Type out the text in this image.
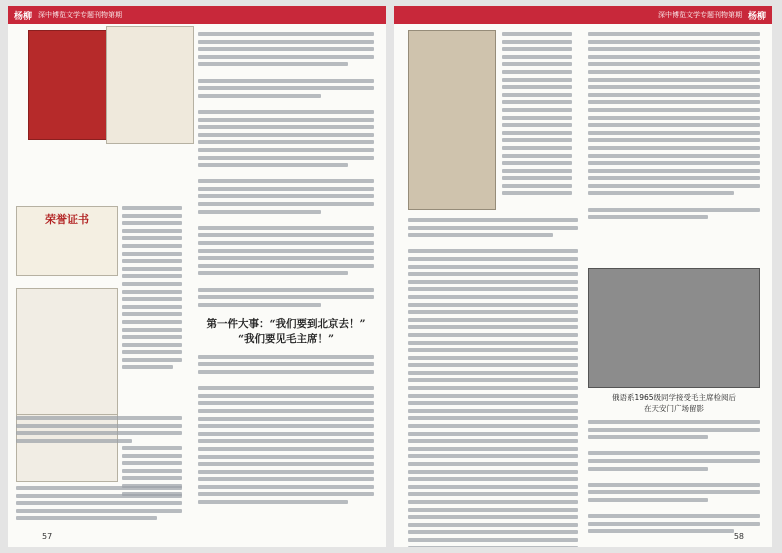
杨柳 深中博览文学专题刊物第期
荣誉证书
第一件大事：“我们要到北京去！”
“我们要见毛主席！”
57
深中博览文学专题刊物第期 杨柳
俄语系1965级同学接受毛主席检阅后
在天安门广场留影
58
